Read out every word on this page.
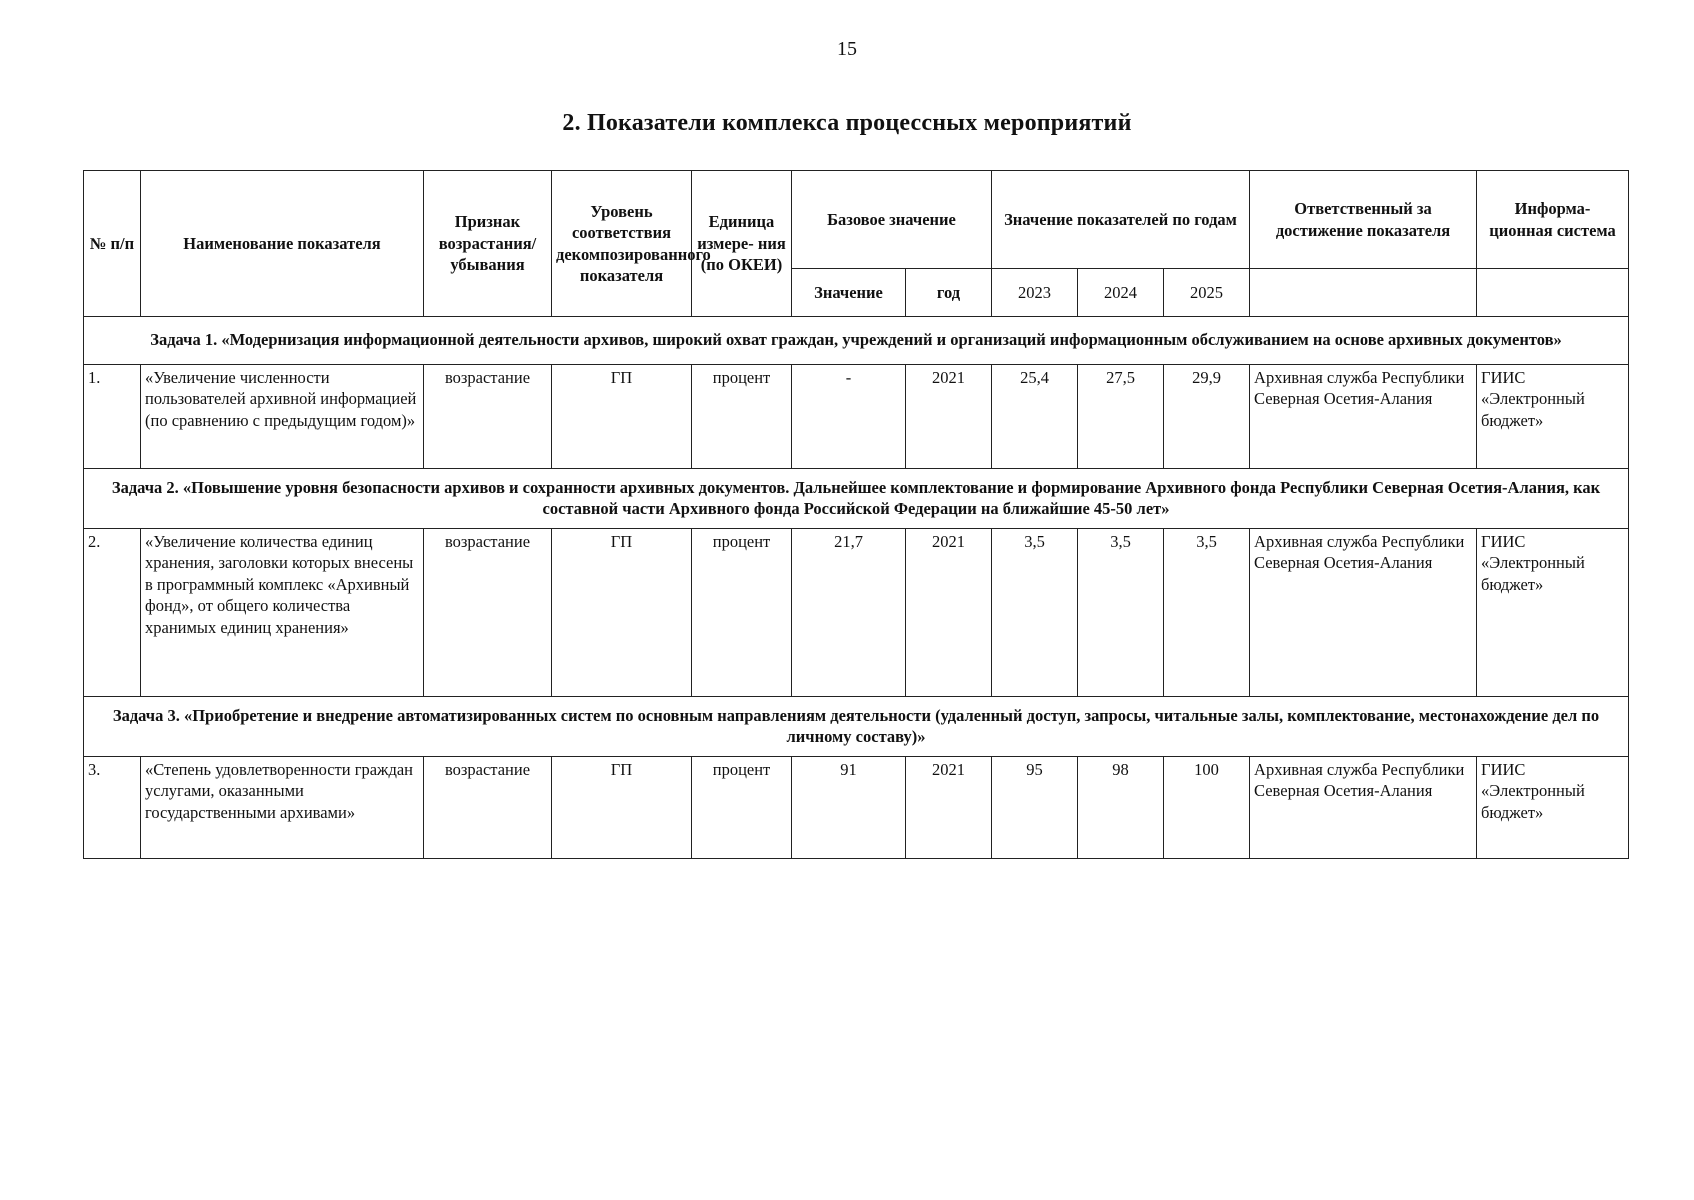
15
2. Показатели комплекса процессных мероприятий
№ п/п	Наименование показателя	Признак возрастания/ убывания	Уровень соответствия декомпозированного показателя	Единица измере- ния (по ОКЕИ)	Базовое значение		Значение показателей по годам			Ответственный за достижение показателя	Информа- ционная система
					Значение	год	2023	2024	2025		
Задача 1. «Модернизация информационной деятельности архивов, широкий охват граждан, учреждений и организаций информационным обслуживанием на основе архивных документов»											
1.	«Увеличение численности пользователей архивной информацией (по сравнению с предыдущим годом)»	возрастание	ГП	процент	-	2021	25,4	27,5	29,9	Архивная служба Республики Северная Осетия-Алания	ГИИС «Электронный бюджет»
Задача 2. «Повышение уровня безопасности архивов и сохранности архивных документов. Дальнейшее комплектование и формирование Архивного фонда Республики Северная Осетия-Алания, как составной части Архивного фонда Российской Федерации на ближайшие 45-50 лет»											
2.	«Увеличение количества единиц хранения, заголовки которых внесены в программный комплекс «Архивный фонд», от общего количества хранимых единиц хранения»	возрастание	ГП	процент	21,7	2021	3,5	3,5	3,5	Архивная служба Республики Северная Осетия-Алания	ГИИС «Электронный бюджет»
Задача 3. «Приобретение и внедрение автоматизированных систем по основным направлениям деятельности (удаленный доступ, запросы, читальные залы, комплектование, местонахождение дел по личному составу)»											
3.	«Степень удовлетворенности граждан услугами, оказанными государственными архивами»	возрастание	ГП	процент	91	2021	95	98	100	Архивная служба Республики Северная Осетия-Алания	ГИИС «Электронный бюджет»
